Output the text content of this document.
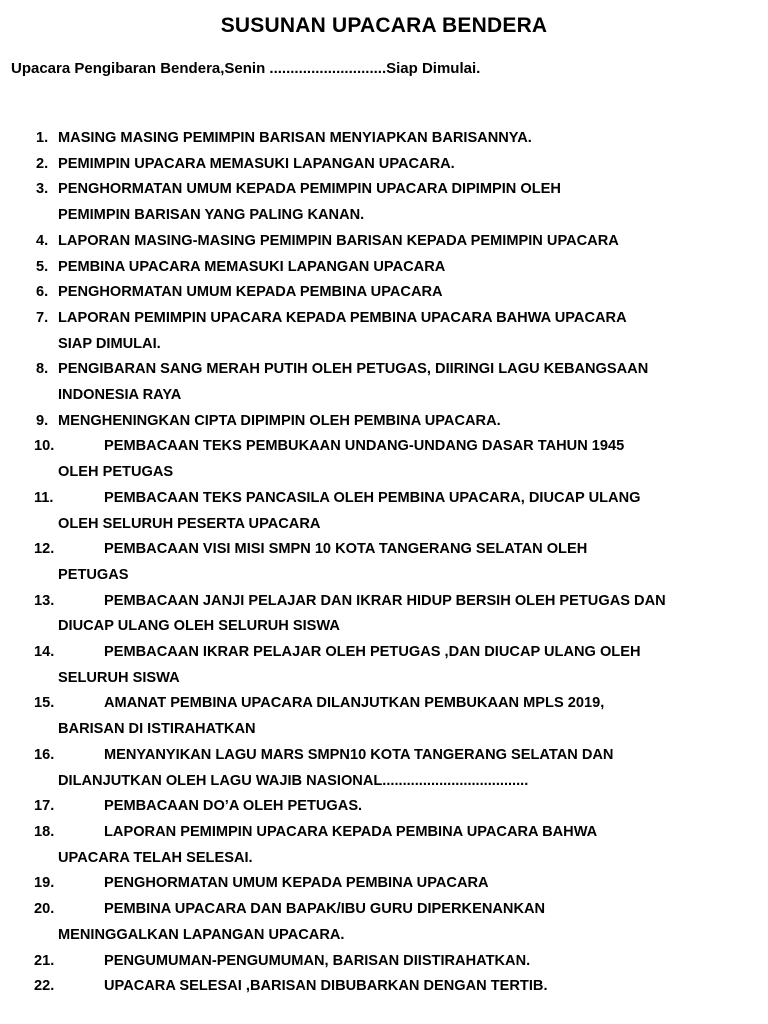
SUSUNAN UPACARA BENDERA
Upacara Pengibaran Bendera,Senin ............................Siap Dimulai.
1. MASING MASING PEMIMPIN BARISAN MENYIAPKAN BARISANNYA.
2. PEMIMPIN UPACARA MEMASUKI LAPANGAN UPACARA.
3. PENGHORMATAN UMUM KEPADA PEMIMPIN UPACARA DIPIMPIN OLEH
PEMIMPIN BARISAN YANG PALING KANAN.
4. LAPORAN MASING-MASING PEMIMPIN BARISAN KEPADA PEMIMPIN UPACARA
5. PEMBINA UPACARA MEMASUKI LAPANGAN UPACARA
6. PENGHORMATAN UMUM KEPADA PEMBINA UPACARA
7. LAPORAN PEMIMPIN UPACARA KEPADA PEMBINA UPACARA BAHWA UPACARA
SIAP DIMULAI.
8. PENGIBARAN SANG MERAH PUTIH OLEH PETUGAS, DIIRINGI LAGU KEBANGSAAN
INDONESIA RAYA
9. MENGHENINGKAN CIPTA DIPIMPIN OLEH PEMBINA UPACARA.
10.	PEMBACAAN TEKS PEMBUKAAN UNDANG-UNDANG DASAR TAHUN 1945
OLEH PETUGAS
11.	PEMBACAAN TEKS PANCASILA OLEH PEMBINA UPACARA, DIUCAP ULANG
OLEH SELURUH PESERTA UPACARA
12.	PEMBACAAN VISI MISI SMPN 10 KOTA TANGERANG SELATAN OLEH
PETUGAS
13.	PEMBACAAN JANJI PELAJAR DAN IKRAR HIDUP BERSIH OLEH PETUGAS DAN
DIUCAP ULANG OLEH SELURUH SISWA
14.	PEMBACAAN IKRAR PELAJAR OLEH PETUGAS ,DAN DIUCAP ULANG OLEH
SELURUH SISWA
15.	AMANAT PEMBINA UPACARA DILANJUTKAN PEMBUKAAN MPLS 2019,
BARISAN DI ISTIRAHATKAN
16.	MENYANYIKAN LAGU MARS SMPN10 KOTA TANGERANG SELATAN DAN
DILANJUTKAN OLEH LAGU WAJIB NASIONAL....................................
17.	PEMBACAAN DO’A OLEH PETUGAS.
18.	LAPORAN PEMIMPIN UPACARA KEPADA PEMBINA UPACARA BAHWA
UPACARA TELAH SELESAI.
19.	PENGHORMATAN UMUM KEPADA PEMBINA UPACARA
20.	PEMBINA UPACARA DAN BAPAK/IBU GURU DIPERKENANKAN
MENINGGALKAN LAPANGAN UPACARA.
21.	PENGUMUMAN-PENGUMUMAN, BARISAN DIISTIRAHATKAN.
22.	UPACARA SELESAI ,BARISAN DIBUBARKAN DENGAN TERTIB.
